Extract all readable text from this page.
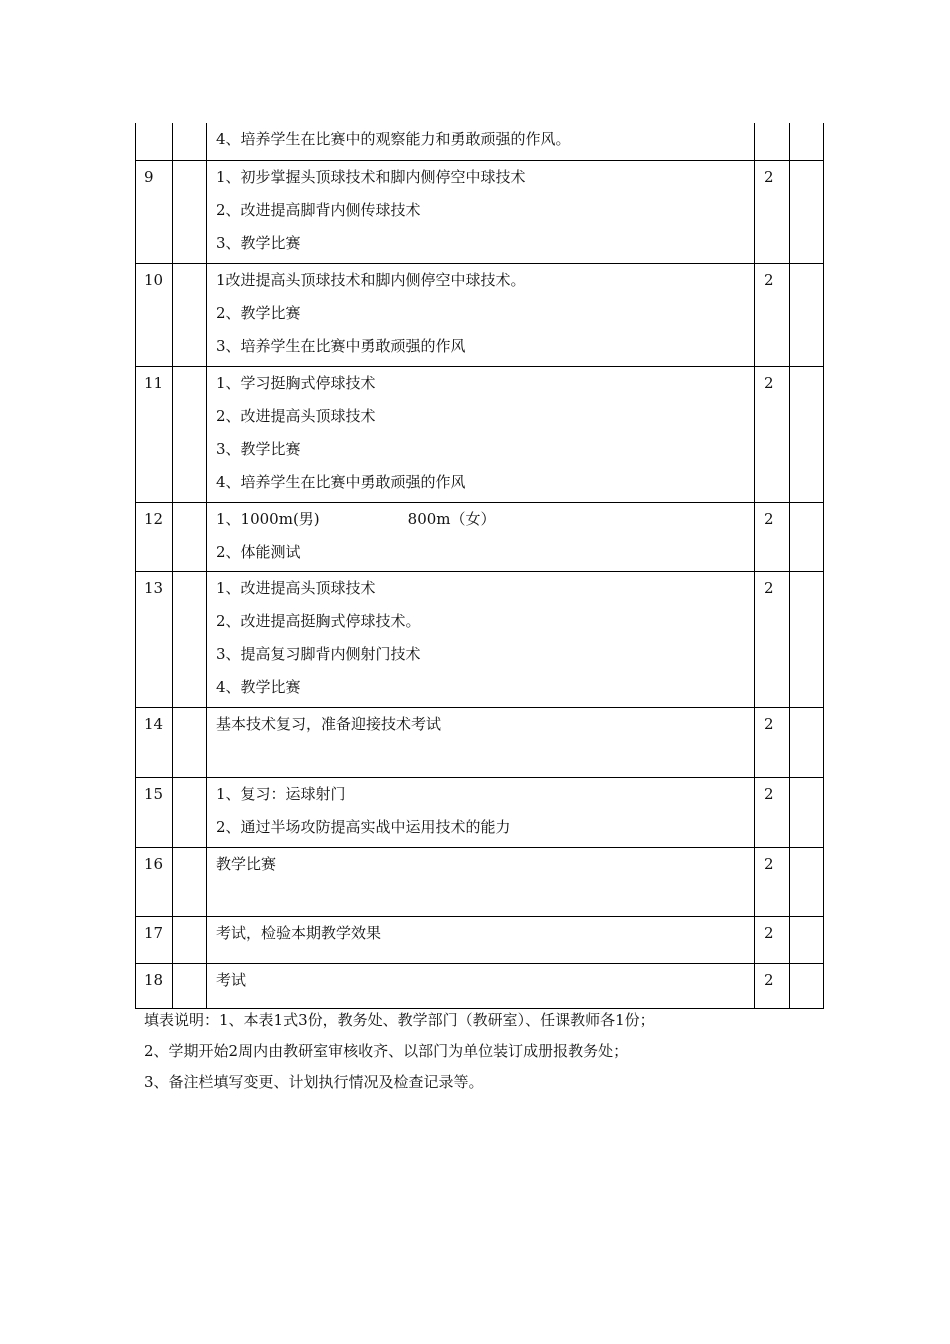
		4、培养学生在比赛中的观察能力和勇敢顽强的作风。		

9		1、初步掌握头顶球技术和脚内侧停空中球技术
2、改进提高脚背内侧传球技术
3、教学比赛	2	
10		1改进提高头顶球技术和脚内侧停空中球技术。
2、教学比赛
3、培养学生在比赛中勇敢顽强的作风	2	
11		1、学习挺胸式停球技术
2、改进提高头顶球技术
3、教学比赛
4、培养学生在比赛中勇敢顽强的作风	2	
12		1、1000m(男) 800m（女）
2、体能测试	2	
13		1、改进提高头顶球技术
2、改进提高挺胸式停球技术。
3、提高复习脚背内侧射门技术
4、教学比赛	2	
14		基本技术复习，准备迎接技术考试	2	
15		1、复习：运球射门
2、通过半场攻防提高实战中运用技术的能力	2	
16		教学比赛	2	
17		考试，检验本期教学效果	2	
18		考试	2	
填表说明：1、本表1式3份，教务处、教学部门（教研室）、任课教师各1份；
2、学期开始2周内由教研室审核收齐、以部门为单位装订成册报教务处；
3、备注栏填写变更、计划执行情况及检查记录等。
